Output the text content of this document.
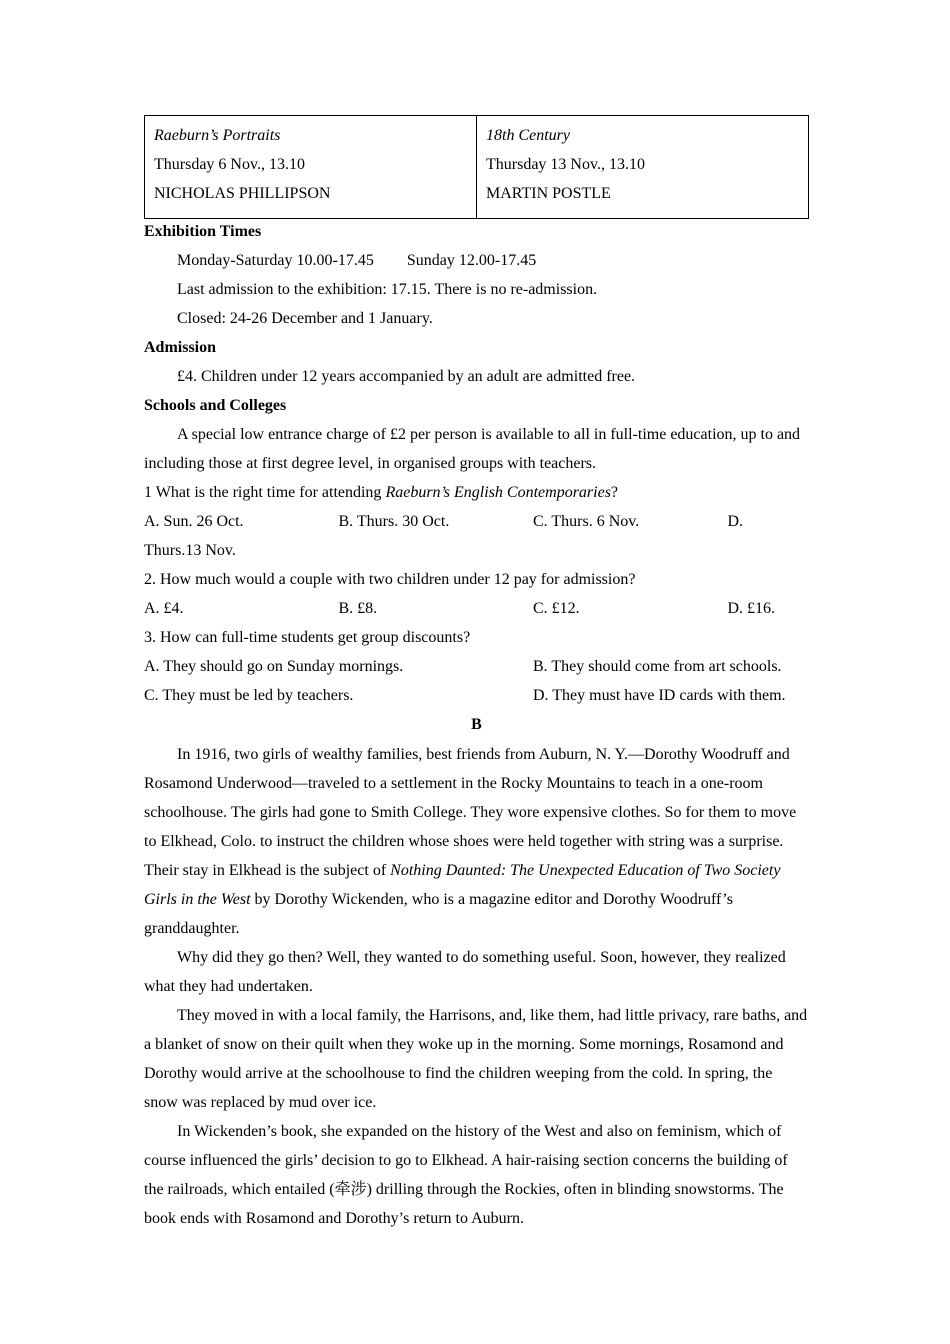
Raeburn’s Portraits
Thursday 6 Nov., 13.10
NICHOLAS PHILLIPSON

18th Century
Thursday 13 Nov., 13.10
MARTIN POSTLE
Exhibition Times
Monday-Saturday 10.00-17.45 Sunday 12.00-17.45
Last admission to the exhibition: 17.15. There is no re-admission.
Closed: 24-26 December and 1 January.
Admission
£4. Children under 12 years accompanied by an adult are admitted free.
Schools and Colleges
A special low entrance charge of £2 per person is available to all in full-time education, up to and including those at first degree level, in organised groups with teachers.
1 What is the right time for attending Raeburn’s English Contemporaries?
A. Sun. 26 Oct.	B. Thurs. 30 Oct.	C. Thurs. 6 Nov.	D.
Thurs.13 Nov.
2. How much would a couple with two children under 12 pay for admission?
A. £4.	B. £8.	C. £12.	D. £16.
3. How can full-time students get group discounts?
A. They should go on Sunday mornings.	B. They should come from art schools.
C. They must be led by teachers.	D. They must have ID cards with them.
B
In 1916, two girls of wealthy families, best friends from Auburn, N. Y.—Dorothy Woodruff and Rosamond Underwood—traveled to a settlement in the Rocky Mountains to teach in a one-room schoolhouse. The girls had gone to Smith College. They wore expensive clothes. So for them to move to Elkhead, Colo. to instruct the children whose shoes were held together with string was a surprise. Their stay in Elkhead is the subject of Nothing Daunted: The Unexpected Education of Two Society Girls in the West by Dorothy Wickenden, who is a magazine editor and Dorothy Woodruff’s granddaughter.
Why did they go then? Well, they wanted to do something useful. Soon, however, they realized what they had undertaken.
They moved in with a local family, the Harrisons, and, like them, had little privacy, rare baths, and a blanket of snow on their quilt when they woke up in the morning. Some mornings, Rosamond and Dorothy would arrive at the schoolhouse to find the children weeping from the cold. In spring, the snow was replaced by mud over ice.
In Wickenden’s book, she expanded on the history of the West and also on feminism, which of course influenced the girls’ decision to go to Elkhead. A hair-raising section concerns the building of the railroads, which entailed (牵涉) drilling through the Rockies, often in blinding snowstorms. The book ends with Rosamond and Dorothy’s return to Auburn.
